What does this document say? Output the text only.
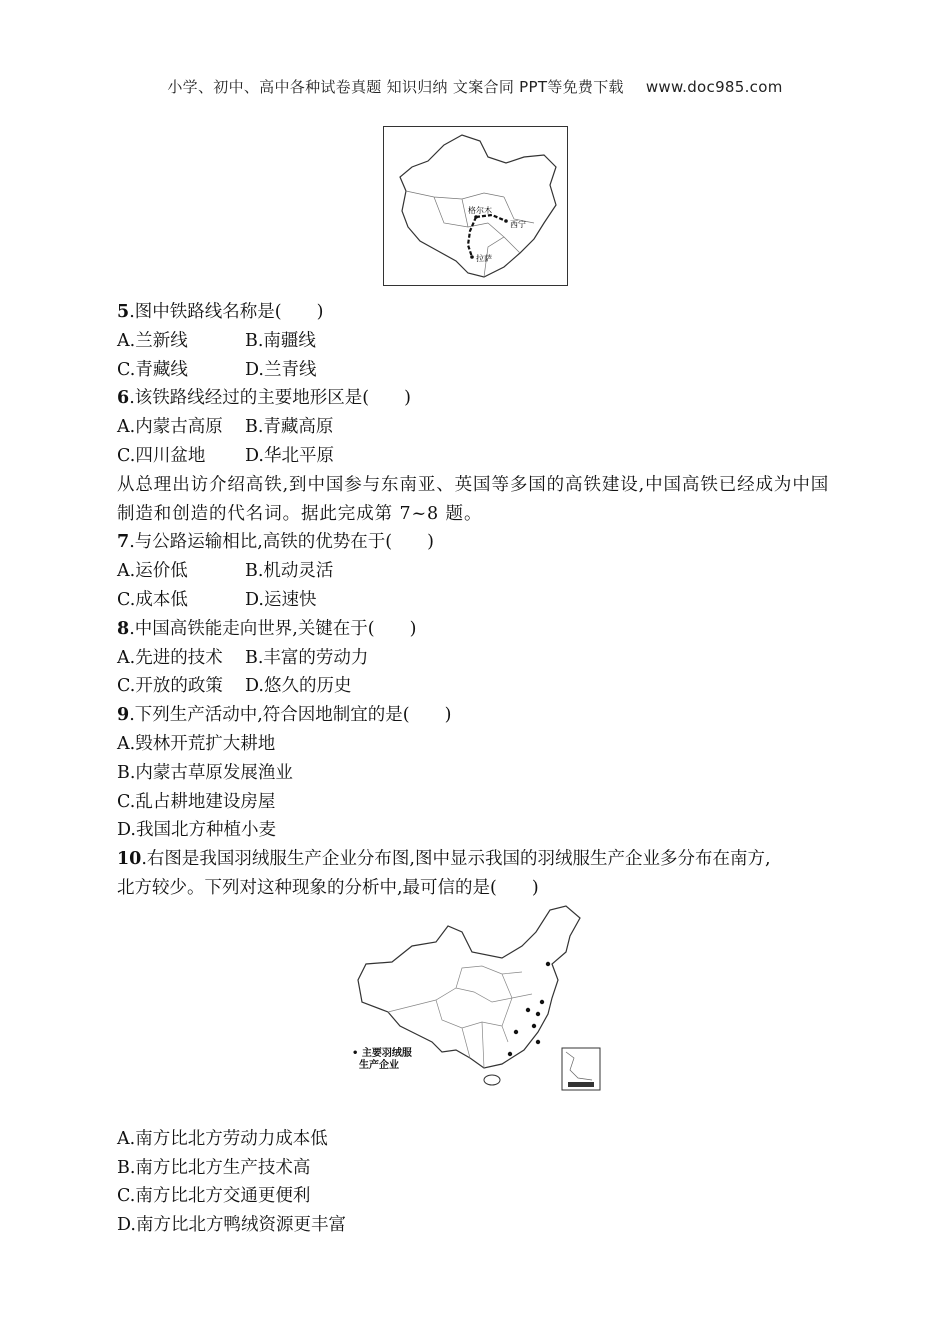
小学、初中、高中各种试卷真题 知识归纳 文案合同 PPT等免费下载 www.doc985.com
格尔木
西宁
拉萨
5.图中铁路线名称是(　　)
A.兰新线	B.南疆线
C.青藏线	D.兰青线
6.该铁路线经过的主要地形区是(　　)
A.内蒙古高原 B.青藏高原
C.四川盆地 D.华北平原
从总理出访介绍高铁,到中国参与东南亚、英国等多国的高铁建设,中国高铁已经成为中国制造和创造的代名词。据此完成第 7~8 题。
7.与公路运输相比,高铁的优势在于(　　)
A.运价低	B.机动灵活
C.成本低	D.运速快
8.中国高铁能走向世界,关键在于(　　)
A.先进的技术 B.丰富的劳动力
C.开放的政策 D.悠久的历史
9.下列生产活动中,符合因地制宜的是(　　)
A.毁林开荒扩大耕地
B.内蒙古草原发展渔业
C.乱占耕地建设房屋
D.我国北方种植小麦
10.右图是我国羽绒服生产企业分布图,图中显示我国的羽绒服生产企业多分布在南方,
北方较少。下列对这种现象的分析中,最可信的是(　　)
A.南方比北方劳动力成本低
B.南方比北方生产技术高
C.南方比北方交通更便利
D.南方比北方鸭绒资源更丰富
• 主要羽绒服
生产企业
